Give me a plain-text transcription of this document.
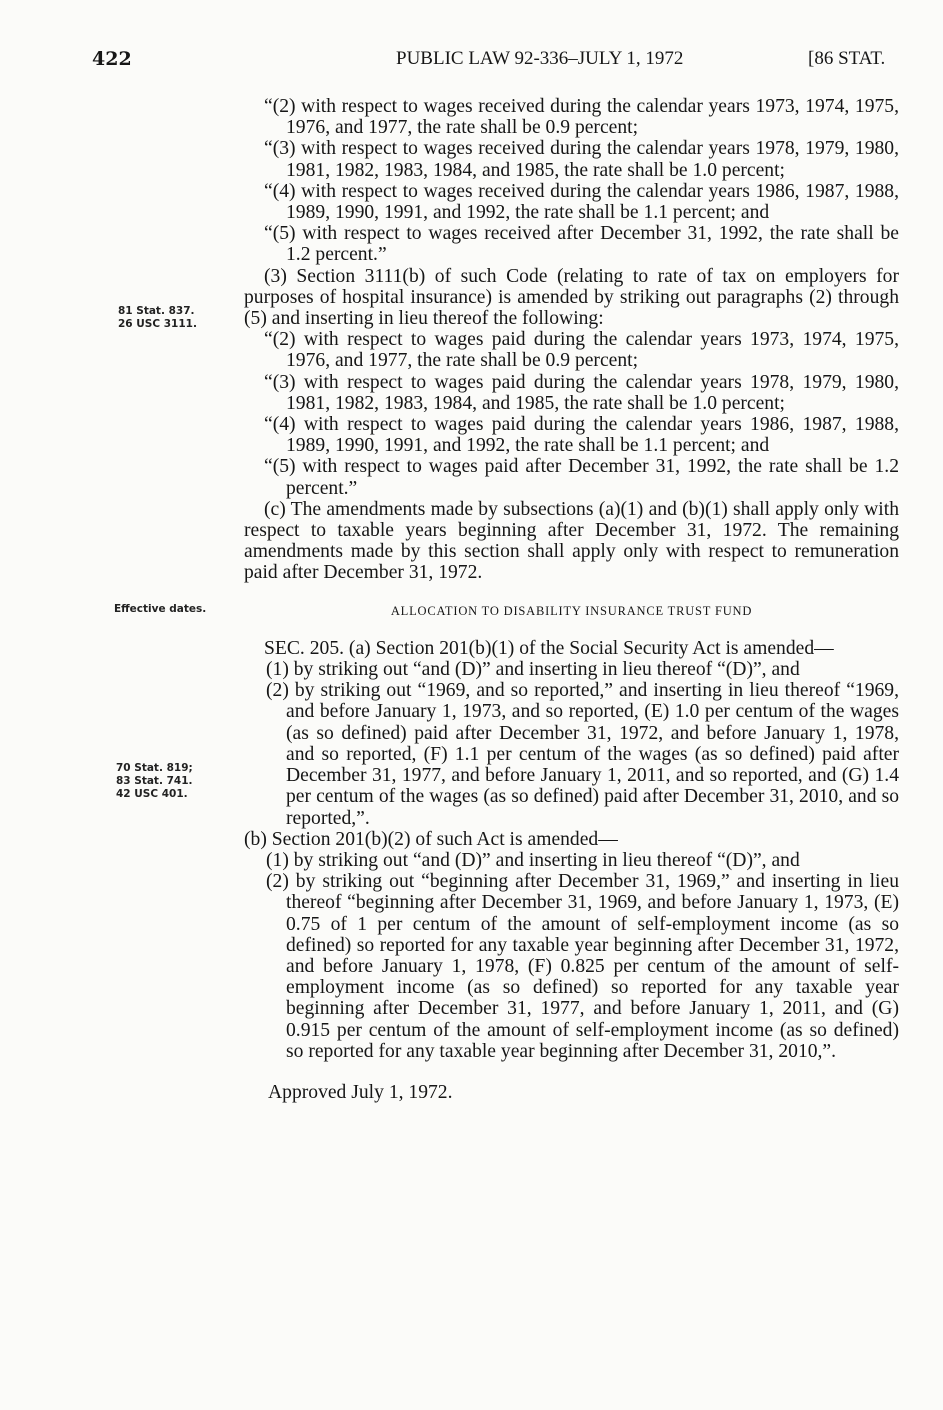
422	PUBLIC LAW 92-336–JULY 1, 1972	[86 STAT.
81 Stat. 837.
26 USC 3111.
Effective dates.
70 Stat. 819;
83 Stat. 741.
42 USC 401.

“(2) with respect to wages received during the calendar years 1973, 1974, 1975, 1976, and 1977, the rate shall be 0.9 percent;

“(3) with respect to wages received during the calendar years 1978, 1979, 1980, 1981, 1982, 1983, 1984, and 1985, the rate shall be 1.0 percent;

“(4) with respect to wages received during the calendar years 1986, 1987, 1988, 1989, 1990, 1991, and 1992, the rate shall be 1.1 percent; and

“(5) with respect to wages received after December 31, 1992, the rate shall be 1.2 percent.”

(3) Section 3111(b) of such Code (relating to rate of tax on employers for purposes of hospital insurance) is amended by striking out paragraphs (2) through (5) and inserting in lieu thereof the following:

“(2) with respect to wages paid during the calendar years 1973, 1974, 1975, 1976, and 1977, the rate shall be 0.9 percent;

“(3) with respect to wages paid during the calendar years 1978, 1979, 1980, 1981, 1982, 1983, 1984, and 1985, the rate shall be 1.0 percent;

“(4) with respect to wages paid during the calendar years 1986, 1987, 1988, 1989, 1990, 1991, and 1992, the rate shall be 1.1 percent; and

“(5) with respect to wages paid after December 31, 1992, the rate shall be 1.2 percent.”

(c) The amendments made by subsections (a)(1) and (b)(1) shall apply only with respect to taxable years beginning after December 31, 1972. The remaining amendments made by this section shall apply only with respect to remuneration paid after December 31, 1972.

ALLOCATION TO DISABILITY INSURANCE TRUST FUND

SEC. 205. (a) Section 201(b)(1) of the Social Security Act is amended—

(1) by striking out “and (D)” and inserting in lieu thereof “(D)”, and

(2) by striking out “1969, and so reported,” and inserting in lieu thereof “1969, and before January 1, 1973, and so reported, (E) 1.0 per centum of the wages (as so defined) paid after December 31, 1972, and before January 1, 1978, and so reported, (F) 1.1 per centum of the wages (as so defined) paid after December 31, 1977, and before January 1, 2011, and so reported, and (G) 1.4 per centum of the wages (as so defined) paid after December 31, 2010, and so reported,”.

(b) Section 201(b)(2) of such Act is amended—

(1) by striking out “and (D)” and inserting in lieu thereof “(D)”, and

(2) by striking out “beginning after December 31, 1969,” and inserting in lieu thereof “beginning after December 31, 1969, and before January 1, 1973, (E) 0.75 of 1 per centum of the amount of self-employment income (as so defined) so reported for any taxable year beginning after December 31, 1972, and before January 1, 1978, (F) 0.825 per centum of the amount of self-employment income (as so defined) so reported for any taxable year beginning after December 31, 1977, and before January 1, 2011, and (G) 0.915 per centum of the amount of self-employment income (as so defined) so reported for any taxable year beginning after December 31, 2010,”.

Approved July 1, 1972.
